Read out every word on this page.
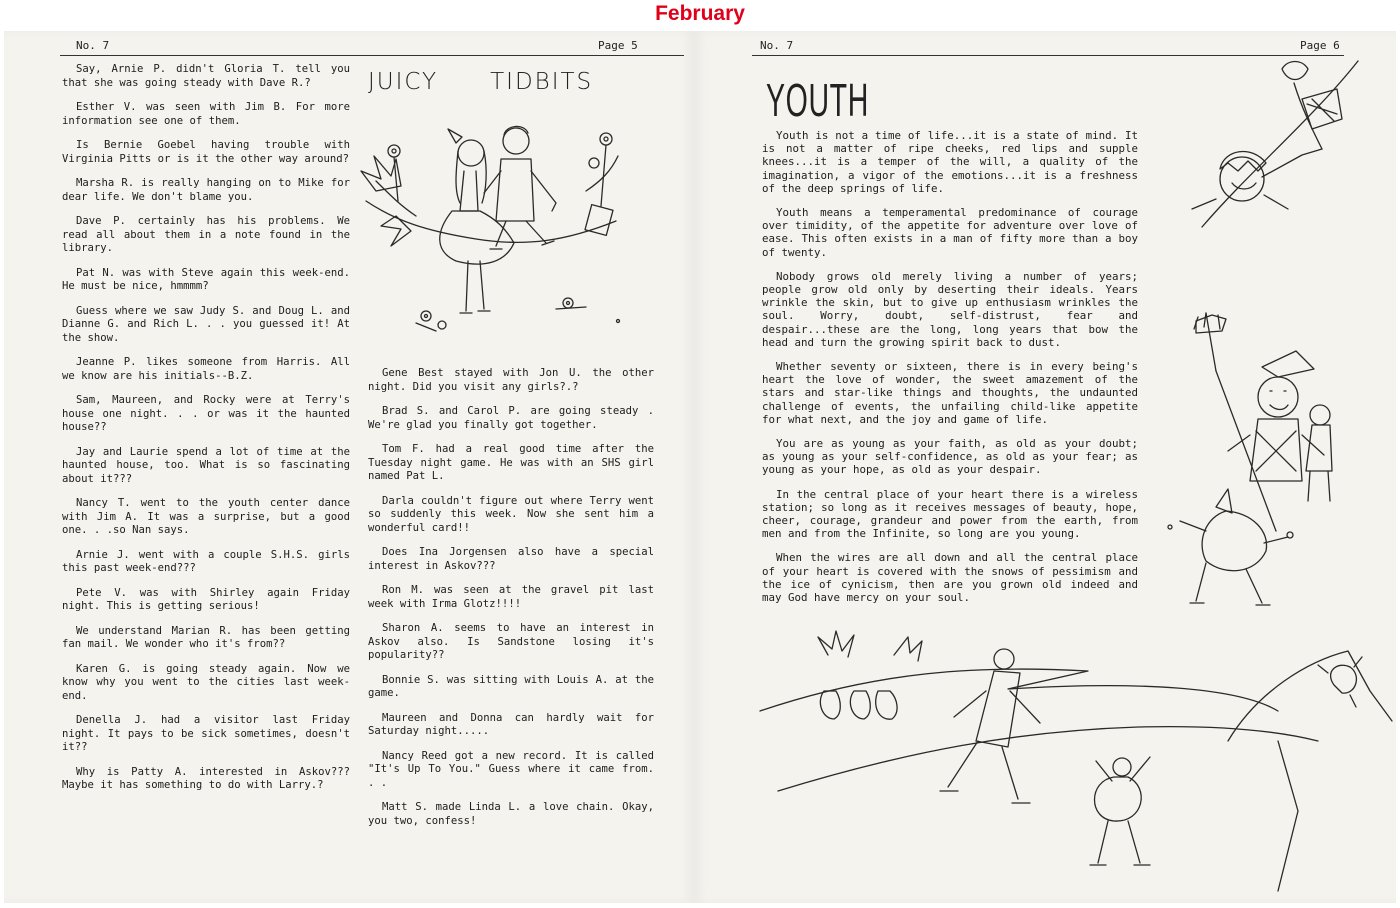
February
No. 7	Page 5
JUICY TIDBITS

Say, Arnie P. didn't Gloria T. tell you that she was going steady with Dave R.?

Esther V. was seen with Jim B. For more information see one of them.

Is Bernie Goebel having trouble with Virginia Pitts or is it the other way around?

Marsha R. is really hanging on to Mike for dear life. We don't blame you.

Dave P. certainly has his problems. We read all about them in a note found in the library.

Pat N. was with Steve again this week-end. He must be nice, hmmmm?

Guess where we saw Judy S. and Doug L. and Dianne G. and Rich L. . . you guessed it! At the show.

Jeanne P. likes someone from Harris. All we know are his initials--B.Z.

Sam, Maureen, and Rocky were at Terry's house one night. . . or was it the haunted house??

Jay and Laurie spend a lot of time at the haunted house, too. What is so fascinating about it???

Nancy T. went to the youth center dance with Jim A. It was a surprise, but a good one. . .so Nan says.

Arnie J. went with a couple S.H.S. girls this past week-end???

Pete V. was with Shirley again Friday night. This is getting serious!

We understand Marian R. has been getting fan mail. We wonder who it's from??

Karen G. is going steady again. Now we know why you went to the cities last week-end.

Denella J. had a visitor last Friday night. It pays to be sick sometimes, doesn't it??

Why is Patty A. interested in Askov??? Maybe it has something to do with Larry.?

Gene Best stayed with Jon U. the other night. Did you visit any girls?.?

Brad S. and Carol P. are going steady . We're glad you finally got together.

Tom F. had a real good time after the Tuesday night game. He was with an SHS girl named Pat L.

Darla couldn't figure out where Terry went so suddenly this week. Now she sent him a wonderful card!!

Does Ina Jorgensen also have a special interest in Askov???

Ron M. was seen at the gravel pit last week with Irma Glotz!!!!

Sharon A. seems to have an interest in Askov also. Is Sandstone losing it's popularity??

Bonnie S. was sitting with Louis A. at the game.

Maureen and Donna can hardly wait for Saturday night.....

Nancy Reed got a new record. It is called "It's Up To You." Guess where it came from. . .

Matt S. made Linda L. a love chain. Okay, you two, confess!

No. 7	Page 6
YOUTH

Youth is not a time of life...it is a state of mind. It is not a matter of ripe cheeks, red lips and supple knees...it is a temper of the will, a quality of the imagination, a vigor of the emotions...it is a freshness of the deep springs of life.

Youth means a temperamental predominance of courage over timidity, of the appetite for adventure over love of ease. This often exists in a man of fifty more than a boy of twenty.

Nobody grows old merely living a number of years; people grow old only by deserting their ideals. Years wrinkle the skin, but to give up enthusiasm wrinkles the soul. Worry, doubt, self-distrust, fear and despair...these are the long, long years that bow the head and turn the growing spirit back to dust.

Whether seventy or sixteen, there is in every being's heart the love of wonder, the sweet amazement of the stars and star-like things and thoughts, the undaunted challenge of events, the unfailing child-like appetite for what next, and the joy and game of life.

You are as young as your faith, as old as your doubt; as young as your self-confidence, as old as your fear; as young as your hope, as old as your despair.

In the central place of your heart there is a wireless station; so long as it receives messages of beauty, hope, cheer, courage, grandeur and power from the earth, from men and from the Infinite, so long are you young.

When the wires are all down and all the central place of your heart is covered with the snows of pessimism and the ice of cynicism, then are you grown old indeed and may God have mercy on your soul.
